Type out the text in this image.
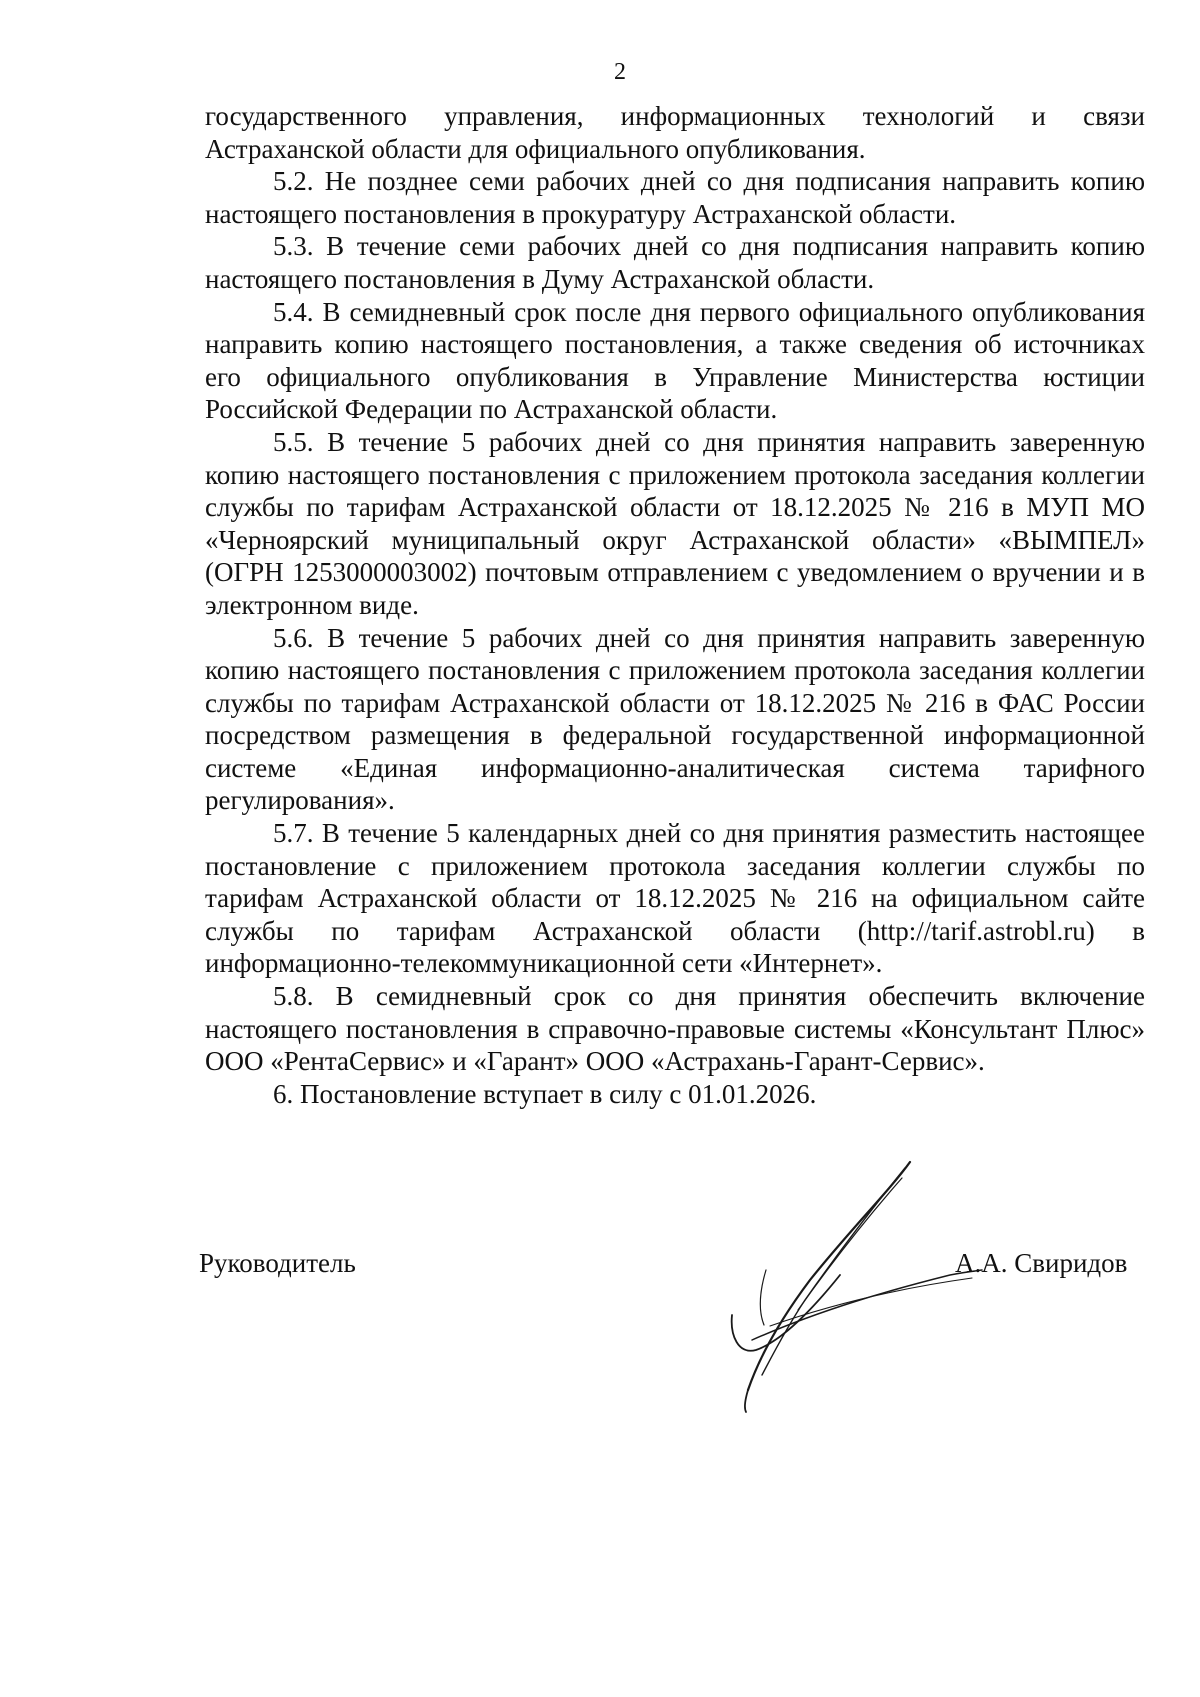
2

государственного управления, информационных технологий и связи Астраханской области для официального опубликования.

5.2. Не позднее семи рабочих дней со дня подписания направить копию настоящего постановления в прокуратуру Астраханской области.

5.3. В течение семи рабочих дней со дня подписания направить копию настоящего постановления в Думу Астраханской области.

5.4. В семидневный срок после дня первого официального опубликования направить копию настоящего постановления, а также сведения об источниках его официального опубликования в Управление Министерства юстиции Российской Федерации по Астраханской области.

5.5. В течение 5 рабочих дней со дня принятия направить заверенную копию настоящего постановления с приложением протокола заседания коллегии службы по тарифам Астраханской области от 18.12.2025 № 216 в МУП МО «Черноярский муниципальный округ Астраханской области» «ВЫМПЕЛ» (ОГРН 1253000003002) почтовым отправлением с уведомлением о вручении и в электронном виде.

5.6. В течение 5 рабочих дней со дня принятия направить заверенную копию настоящего постановления с приложением протокола заседания коллегии службы по тарифам Астраханской области от 18.12.2025 № 216 в ФАС России посредством размещения в федеральной государственной информационной системе «Единая информационно-аналитическая система тарифного регулирования».

5.7. В течение 5 календарных дней со дня принятия разместить настоящее постановление с приложением протокола заседания коллегии службы по тарифам Астраханской области от 18.12.2025 № 216 на официальном сайте службы по тарифам Астраханской области (http://tarif.astrobl.ru) в информационно-телекоммуникационной сети «Интернет».

5.8. В семидневный срок со дня принятия обеспечить включение настоящего постановления в справочно-правовые системы «Консультант Плюс» ООО «РентаСервис» и «Гарант» ООО «Астрахань-Гарант-Сервис».

6. Постановление вступает в силу с 01.01.2026.

Руководитель	А.А. Свиридов
